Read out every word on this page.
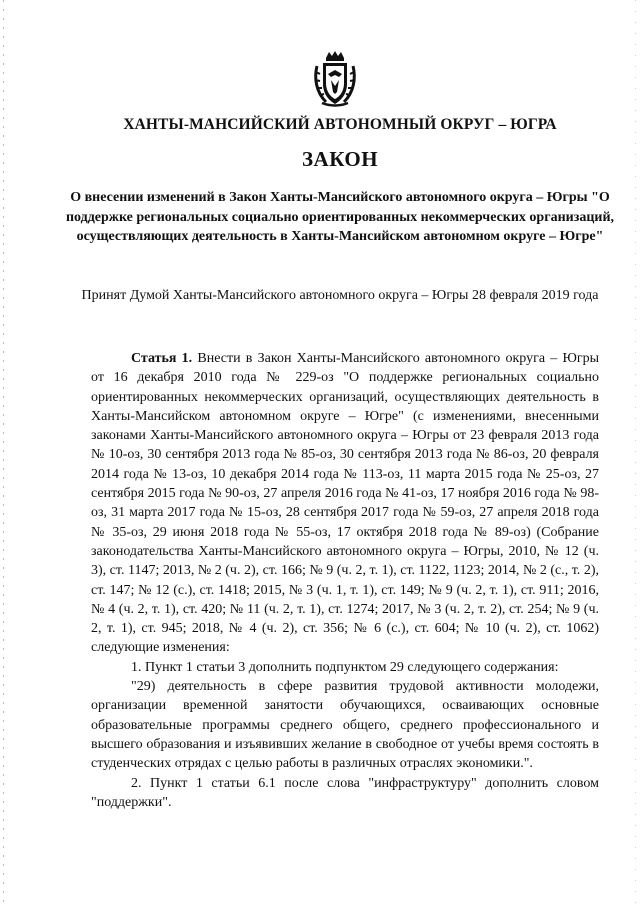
ХАНТЫ-МАНСИЙСКИЙ АВТОНОМНЫЙ ОКРУГ – ЮГРА
ЗАКОН
О внесении изменений в Закон Ханты-Мансийского автономного округа – Югры "О поддержке региональных социально ориентированных некоммерческих организаций, осуществляющих деятельность в Ханты-Мансийском автономном округе – Югре"
Принят Думой Ханты-Мансийского автономного округа – Югры 28 февраля 2019 года

Статья 1. Внести в Закон Ханты-Мансийского автономного округа – Югры от 16 декабря 2010 года № 229-оз "О поддержке региональных социально ориентированных некоммерческих организаций, осуществляющих деятельность в Ханты-Мансийском автономном округе – Югре" (с изменениями, внесенными законами Ханты-Мансийского автономного округа – Югры от 23 февраля 2013 года № 10-оз, 30 сентября 2013 года № 85-оз, 30 сентября 2013 года № 86-оз, 20 февраля 2014 года № 13-оз, 10 декабря 2014 года № 113-оз, 11 марта 2015 года № 25-оз, 27 сентября 2015 года № 90-оз, 27 апреля 2016 года № 41-оз, 17 ноября 2016 года № 98-оз, 31 марта 2017 года № 15-оз, 28 сентября 2017 года № 59-оз, 27 апреля 2018 года № 35-оз, 29 июня 2018 года № 55-оз, 17 октября 2018 года № 89-оз) (Собрание законодательства Ханты-Мансийского автономного округа – Югры, 2010, № 12 (ч. 3), ст. 1147; 2013, № 2 (ч. 2), ст. 166; № 9 (ч. 2, т. 1), ст. 1122, 1123; 2014, № 2 (с., т. 2), ст. 147; № 12 (с.), ст. 1418; 2015, № 3 (ч. 1, т. 1), ст. 149; № 9 (ч. 2, т. 1), ст. 911; 2016, № 4 (ч. 2, т. 1), ст. 420; № 11 (ч. 2, т. 1), ст. 1274; 2017, № 3 (ч. 2, т. 2), ст. 254; № 9 (ч. 2, т. 1), ст. 945; 2018, № 4 (ч. 2), ст. 356; № 6 (с.), ст. 604; № 10 (ч. 2), ст. 1062) следующие изменения:

1. Пункт 1 статьи 3 дополнить подпунктом 29 следующего содержания:

"29) деятельность в сфере развития трудовой активности молодежи, организации временной занятости обучающихся, осваивающих основные образовательные программы среднего общего, среднего профессионального и высшего образования и изъявивших желание в свободное от учебы время состоять в студенческих отрядах с целью работы в различных отраслях экономики.".

2. Пункт 1 статьи 6.1 после слова "инфраструктуру" дополнить словом "поддержки".
